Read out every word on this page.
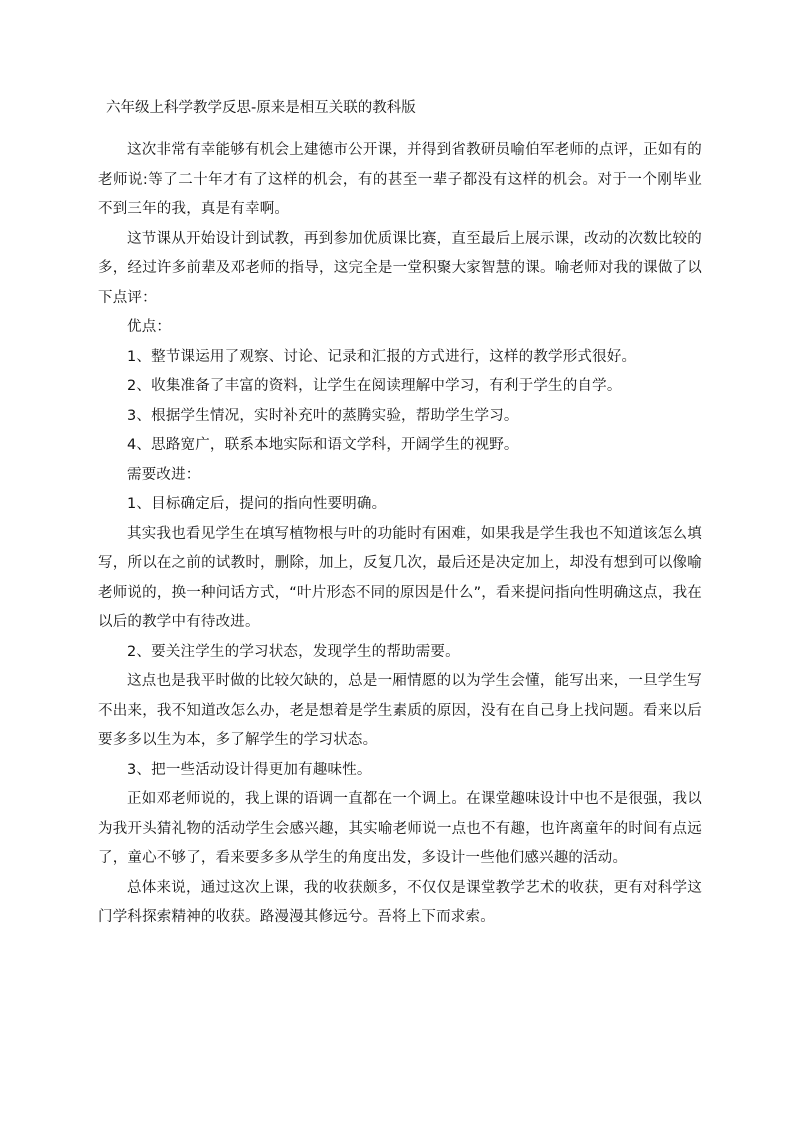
六年级上科学教学反思-原来是相互关联的教科版

这次非常有幸能够有机会上建德市公开课，并得到省教研员喻伯军老师的点评，正如有的老师说:等了二十年才有了这样的机会，有的甚至一辈子都没有这样的机会。对于一个刚毕业不到三年的我，真是有幸啊。

这节课从开始设计到试教，再到参加优质课比赛，直至最后上展示课，改动的次数比较的多，经过许多前辈及邓老师的指导，这完全是一堂积聚大家智慧的课。喻老师对我的课做了以下点评：

优点：

1、整节课运用了观察、讨论、记录和汇报的方式进行，这样的教学形式很好。

2、收集准备了丰富的资料，让学生在阅读理解中学习，有利于学生的自学。

3、根据学生情况，实时补充叶的蒸腾实验，帮助学生学习。

4、思路宽广，联系本地实际和语文学科，开阔学生的视野。

需要改进：

1、目标确定后，提问的指向性要明确。

其实我也看见学生在填写植物根与叶的功能时有困难，如果我是学生我也不知道该怎么填写，所以在之前的试教时，删除，加上，反复几次，最后还是决定加上，却没有想到可以像喻老师说的，换一种问话方式，“叶片形态不同的原因是什么”，看来提问指向性明确这点，我在以后的教学中有待改进。

2、要关注学生的学习状态，发现学生的帮助需要。

这点也是我平时做的比较欠缺的，总是一厢情愿的以为学生会懂，能写出来，一旦学生写不出来，我不知道改怎么办，老是想着是学生素质的原因，没有在自己身上找问题。看来以后要多多以生为本，多了解学生的学习状态。

3、把一些活动设计得更加有趣味性。

正如邓老师说的，我上课的语调一直都在一个调上。在课堂趣味设计中也不是很强，我以为我开头猜礼物的活动学生会感兴趣，其实喻老师说一点也不有趣，也许离童年的时间有点远了，童心不够了，看来要多多从学生的角度出发，多设计一些他们感兴趣的活动。

总体来说，通过这次上课，我的收获颇多，不仅仅是课堂教学艺术的收获，更有对科学这门学科探索精神的收获。路漫漫其修远兮。吾将上下而求索。
